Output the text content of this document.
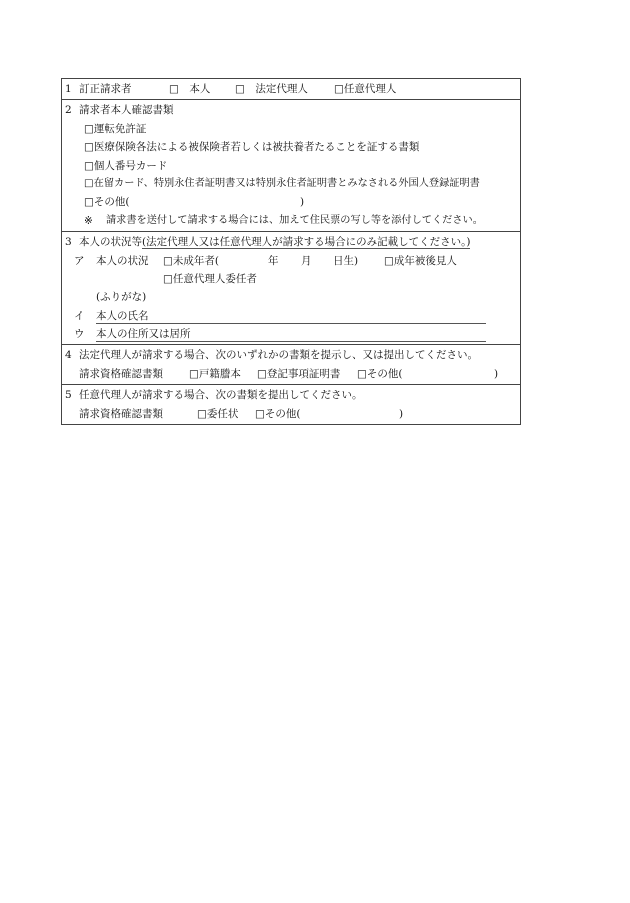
1 訂正請求者	□　本人 □　法定代理人 □任意代理人
2 請求者本人確認書類
□運転免許証
□医療保険各法による被保険者若しくは被扶養者たることを証する書類
□個人番号カード
□在留カード、特別永住者証明書又は特別永住者証明書とみなされる外国人登録証明書
□その他(	)
※ 請求書を送付して請求する場合には、加えて住民票の写し等を添付してください。
3 本人の状況等(法定代理人又は任意代理人が請求する場合にのみ記載してください。)
ア 本人の状況 □未成年者(	年 月 日生) □成年被後見人
□任意代理人委任者
(ふりがな)
イ 本人の氏名
ウ 本人の住所又は居所
4 法定代理人が請求する場合、次のいずれかの書類を提示し、又は提出してください。
請求資格確認書類 □戸籍謄本 □登記事項証明書 □その他(	)
5 任意代理人が請求する場合、次の書類を提出してください。
請求資格確認書類	□委任状 □その他(	)
